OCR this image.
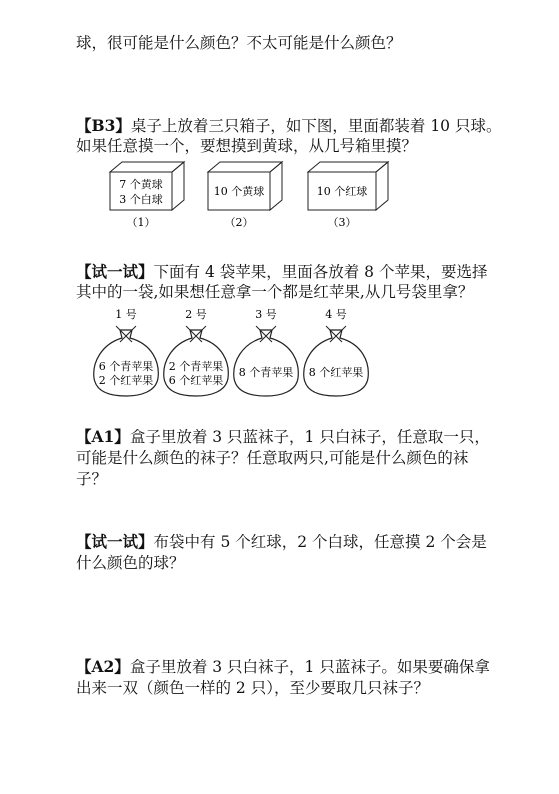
球，很可能是什么颜色？不太可能是什么颜色？
【B3】桌子上放着三只箱子，如下图，里面都装着 10 只球。
如果任意摸一个，要想摸到黄球，从几号箱里摸？
7 个黄球
3 个白球
（1）
10 个黄球
（2）
10 个红球
（3）
【试一试】下面有 4 袋苹果，里面各放着 8 个苹果，要选择
其中的一袋,如果想任意拿一个都是红苹果,从几号袋里拿？
1 号
6 个青苹果
2 个红苹果
2 号
2 个青苹果
6 个红苹果
3 号
8 个青苹果
4 号
8 个红苹果
【A1】盒子里放着 3 只蓝袜子，1 只白袜子，任意取一只，
可能是什么颜色的袜子？任意取两只,可能是什么颜色的袜
子？
【试一试】布袋中有 5 个红球，2 个白球，任意摸 2 个会是
什么颜色的球？
【A2】盒子里放着 3 只白袜子，1 只蓝袜子。如果要确保拿
出来一双（颜色一样的 2 只），至少要取几只袜子？
